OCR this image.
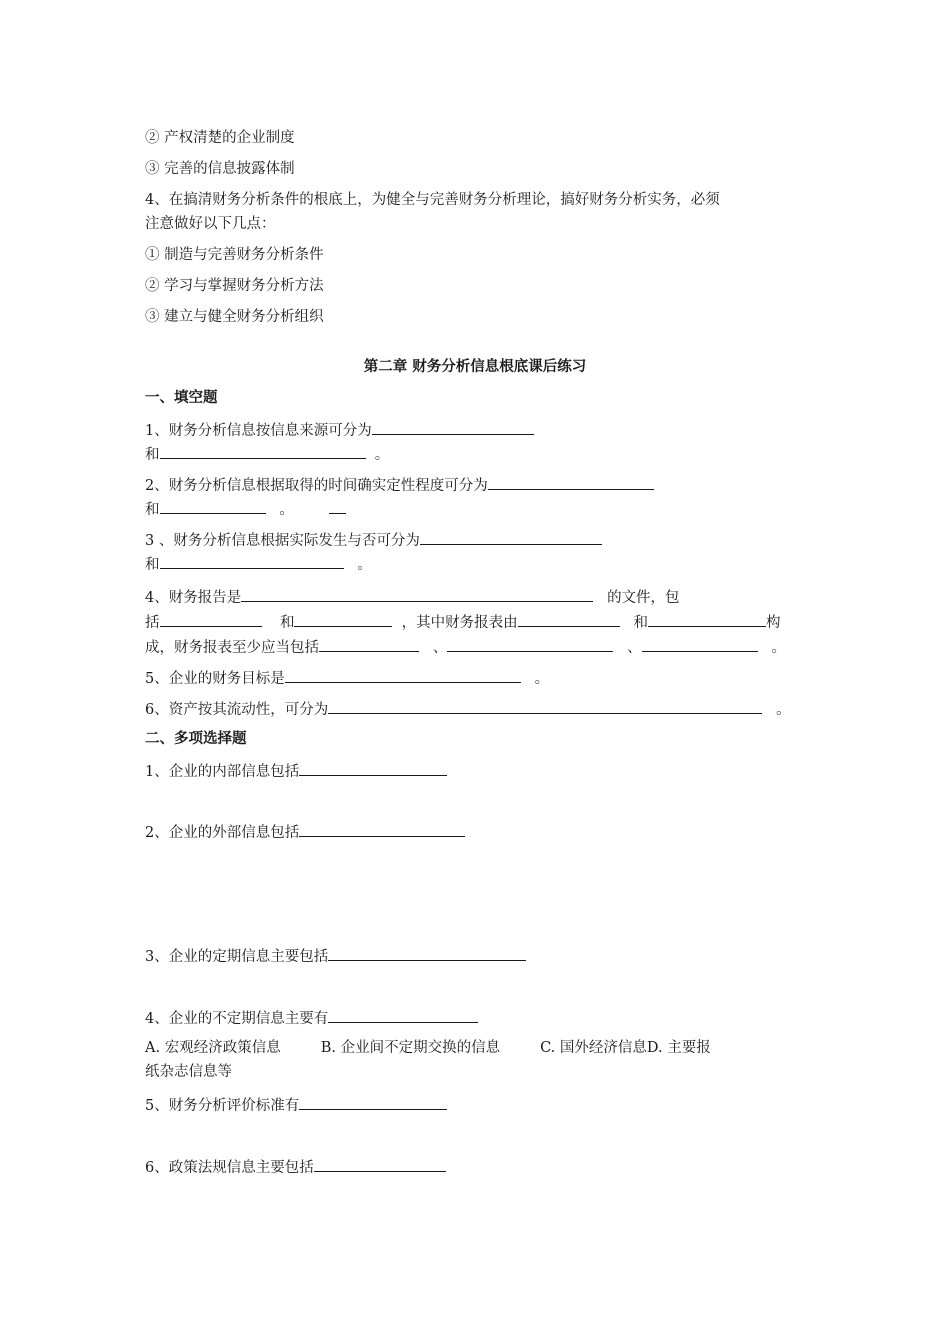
② 产权清楚的企业制度
③ 完善的信息披露体制
4、在搞清财务分析条件的根底上，为健全与完善财务分析理论，搞好财务分析实务，必须
注意做好以下几点：
① 制造与完善财务分析条件
② 学习与掌握财务分析方法
③ 建立与健全财务分析组织
第二章 财务分析信息根底课后练习
一、填空题
1、财务分析信息按信息来源可分为
和	。
2、财务分析信息根据取得的时间确实定性程度可分为
和	。
3 、财务分析信息根据实际发生与否可分为
和	。
4、财务报告是	的文件，包
括	和	，其中财务报表由	和	构
成，财务报表至少应当包括	、	、	。
5、企业的财务目标是	。
6、资产按其流动性，可分为	。
二、多项选择题
1、企业的内部信息包括
2、企业的外部信息包括
3、企业的定期信息主要包括
4、企业的不定期信息主要有
A. 宏观经济政策信息	B. 企业间不定期交换的信息	C. 国外经济信息D. 主要报
纸杂志信息等
5、财务分析评价标准有
6、政策法规信息主要包括
